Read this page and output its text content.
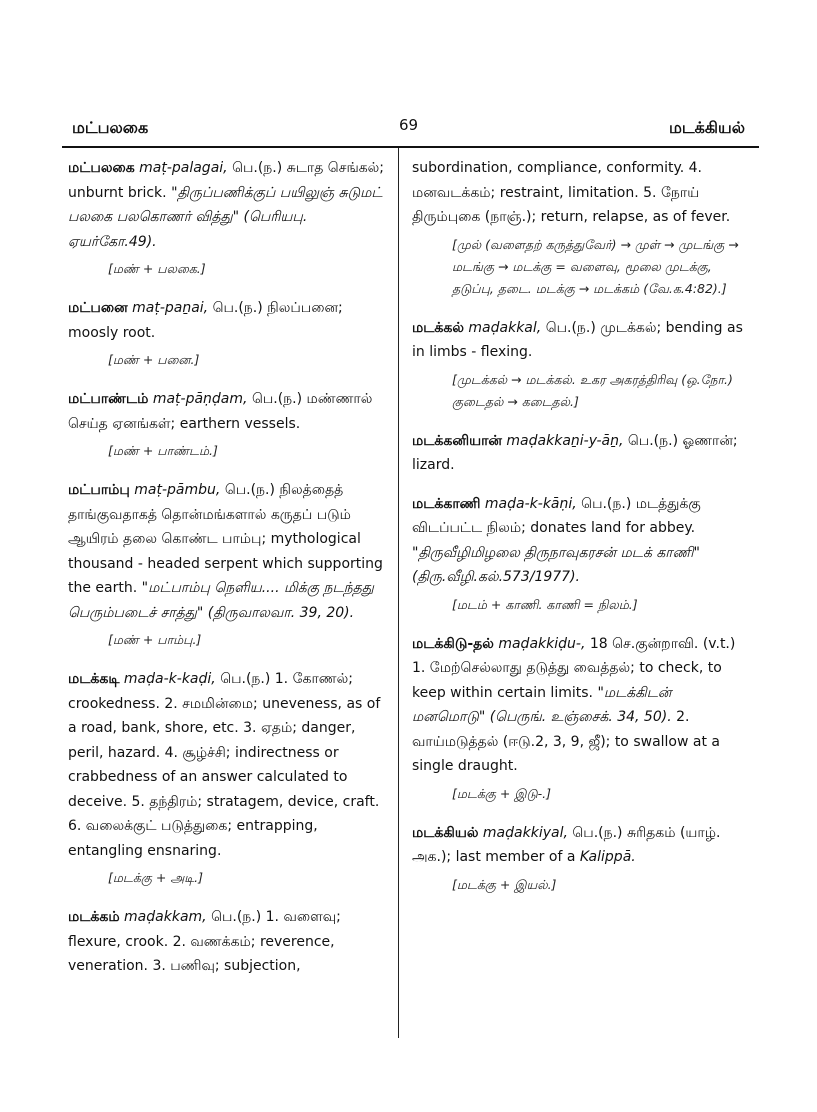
மட்பலகை	69	மடக்கியல்

மட்பலகை maṭ-palagai, பெ.(ந.) சுடாத செங்கல்; unburnt brick. "திருப்பணிக்குப் பயிலுஞ் சுடுமட் பலகை பலகொணர் வித்து" (பெரியபு. ஏயர்கோ.49).

[மண் + பலகை.]

மட்பனை maṭ-paṉai, பெ.(ந.) நிலப்பனை; moosly root.

[மண் + பனை.]

மட்பாண்டம் maṭ-pāṇḍam, பெ.(ந.) மண்ணால் செய்த ஏனங்கள்; earthern vessels.

[மண் + பாண்டம்.]

மட்பாம்பு maṭ-pāmbu, பெ.(ந.) நிலத்தைத் தாங்குவதாகத் தொன்மங்களால் கருதப் படும் ஆயிரம் தலை கொண்ட பாம்பு; mythological thousand - headed serpent which supporting the earth. "மட்பாம்பு நெளிய.... மிக்கு நடந்தது பெரும்படைச் சாத்து" (திருவாலவா. 39, 20).

[மண் + பாம்பு.]

மடக்கடி maḍa-k-kaḍi, பெ.(ந.) 1. கோணல்; crookedness. 2. சமமின்மை; uneveness, as of a road, bank, shore, etc. 3. ஏதம்; danger, peril, hazard. 4. சூழ்ச்சி; indirectness or crabbedness of an answer calculated to deceive. 5. தந்திரம்; stratagem, device, craft. 6. வலைக்குட் படுத்துகை; entrapping, entangling ensnaring.

[மடக்கு + அடி.]

மடக்கம் maḍakkam, பெ.(ந.) 1. வளைவு; flexure, crook. 2. வணக்கம்; reverence, veneration. 3. பணிவு; subjection,

subordination, compliance, conformity. 4. மனவடக்கம்; restraint, limitation. 5. நோய் திரும்புகை (நாஞ்.); return, relapse, as of fever.

[முல் (வளைதற் கருத்துவேர்) → முள் → முடங்கு → மடங்கு → மடக்கு = வளைவு, மூலை முடக்கு, தடுப்பு, தடை. மடக்கு → மடக்கம் (வே.க.4:82).]

மடக்கல் maḍakkal, பெ.(ந.) முடக்கல்; bending as in limbs - flexing.

[முடக்கல் → மடக்கல். உகர அகரத்திரிவு (ஒ.நோ.) குடைதல் → கடைதல்.]

மடக்கனியான் maḍakkaṉi-y-āṉ, பெ.(ந.) ஓணான்; lizard.

மடக்காணி maḍa-k-kāṇi, பெ.(ந.) மடத்துக்கு விடப்பட்ட நிலம்; donates land for abbey. "திருவீழிமிழலை திருநாவுகரசன் மடக் காணி" (திரு.வீழி.கல்.573/1977).

[மடம் + காணி. காணி = நிலம்.]

மடக்கிடு-தல் maḍakkiḍu-, 18 செ.குன்றாவி. (v.t.) 1. மேற்செல்லாது தடுத்து வைத்தல்; to check, to keep within certain limits. "மடக்கிடன் மனமொடு" (பெருங். உஞ்சைக். 34, 50). 2. வாய்மடுத்தல் (ஈடு.2, 3, 9, ஜீ); to swallow at a single draught.

[மடக்கு + இடு-.]

மடக்கியல் maḍakkiyal, பெ.(ந.) சுரிதகம் (யாழ். அக.); last member of a Kalippā.

[மடக்கு + இயல்.]
